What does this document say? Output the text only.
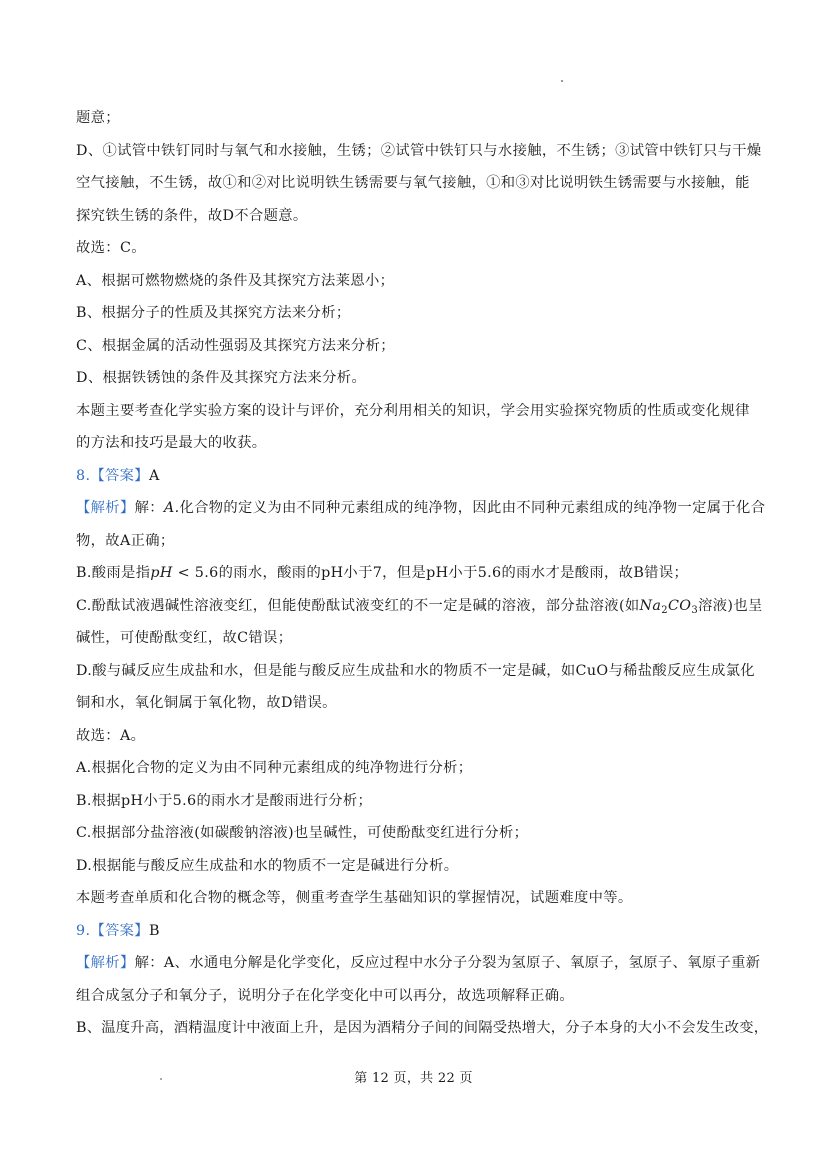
题意；
D、①试管中铁钉同时与氧气和水接触，生锈；②试管中铁钉只与水接触，不生锈；③试管中铁钉只与干燥
空气接触，不生锈，故①和②对比说明铁生锈需要与氧气接触，①和③对比说明铁生锈需要与水接触，能
探究铁生锈的条件，故D不合题意。
故选：C。
A、根据可燃物燃烧的条件及其探究方法莱恩小；
B、根据分子的性质及其探究方法来分析；
C、根据金属的活动性强弱及其探究方法来分析；
D、根据铁锈蚀的条件及其探究方法来分析。
本题主要考查化学实验方案的设计与评价，充分利用相关的知识，学会用实验探究物质的性质或变化规律
的方法和技巧是最大的收获。
8.【答案】A
【解析】解：A.化合物的定义为由不同种元素组成的纯净物，因此由不同种元素组成的纯净物一定属于化合
物，故A正确；
B.酸雨是指pH < 5.6的雨水，酸雨的pH小于7，但是pH小于5.6的雨水才是酸雨，故B错误；
C.酚酞试液遇碱性溶液变红，但能使酚酞试液变红的不一定是碱的溶液，部分盐溶液(如$Na_2CO_3$溶液)也呈
碱性，可使酚酞变红，故C错误；
D.酸与碱反应生成盐和水，但是能与酸反应生成盐和水的物质不一定是碱，如CuO与稀盐酸反应生成氯化
铜和水，氧化铜属于氧化物，故D错误。
故选：A。
A.根据化合物的定义为由不同种元素组成的纯净物进行分析；
B.根据pH小于5.6的雨水才是酸雨进行分析；
C.根据部分盐溶液(如碳酸钠溶液)也呈碱性，可使酚酞变红进行分析；
D.根据能与酸反应生成盐和水的物质不一定是碱进行分析。
本题考查单质和化合物的概念等，侧重考查学生基础知识的掌握情况，试题难度中等。
9.【答案】B
【解析】解：A、水通电分解是化学变化，反应过程中水分子分裂为氢原子、氧原子，氢原子、氧原子重新
组合成氢分子和氧分子，说明分子在化学变化中可以再分，故选项解释正确。
B、温度升高，酒精温度计中液面上升，是因为酒精分子间的间隔受热增大，分子本身的大小不会发生改变，
第 12 页，共 22 页
